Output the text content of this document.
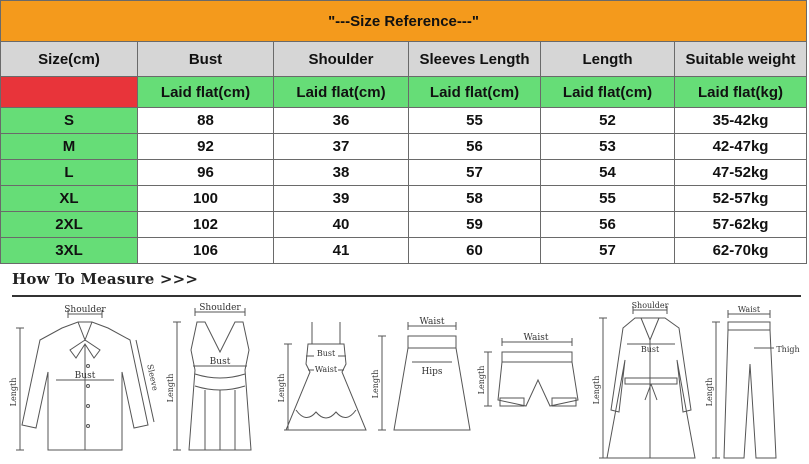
"---Size Reference---"					
Size(cm)	Bust	Shoulder	Sleeves Length	Length	Suitable weight
	Laid flat(cm)	Laid flat(cm)	Laid flat(cm)	Laid flat(cm)	Laid flat(kg)
S	88	36	55	52	35-42kg
M	92	37	56	53	42-47kg
L	96	38	57	54	47-52kg
XL	100	39	58	55	52-57kg
2XL	102	40	59	56	57-62kg
3XL	106	41	60	57	62-70kg
How To Measure >>>
Shoulder
Bust
Length
Sleeve
Shoulder
Bust
Length
Bust
Waist
Length
Waist
Hips
Length
Waist
Length
Shoulder
Bust
Length
Waist
Thigh
Length
